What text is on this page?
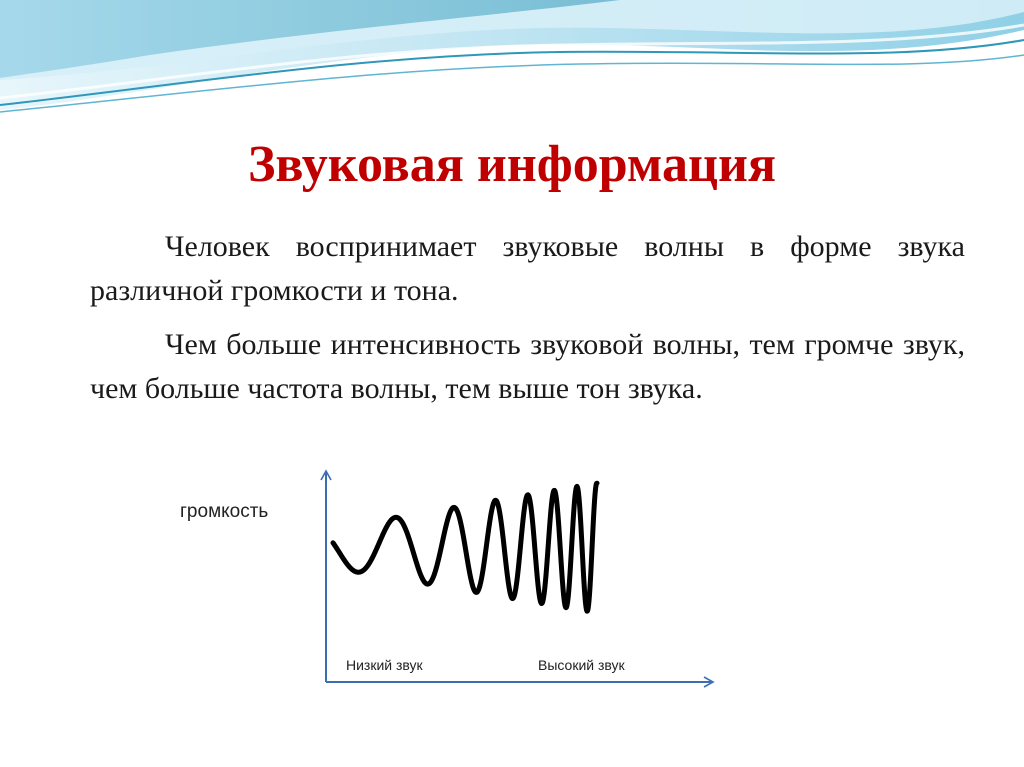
Звуковая информация

Человек воспринимает звуковые волны в форме звука различной громкости и тона.

Чем больше интенсивность звуковой волны, тем громче звук, чем больше частота волны, тем выше тон звука.

громкость
Низкий звук	Высокий звук
